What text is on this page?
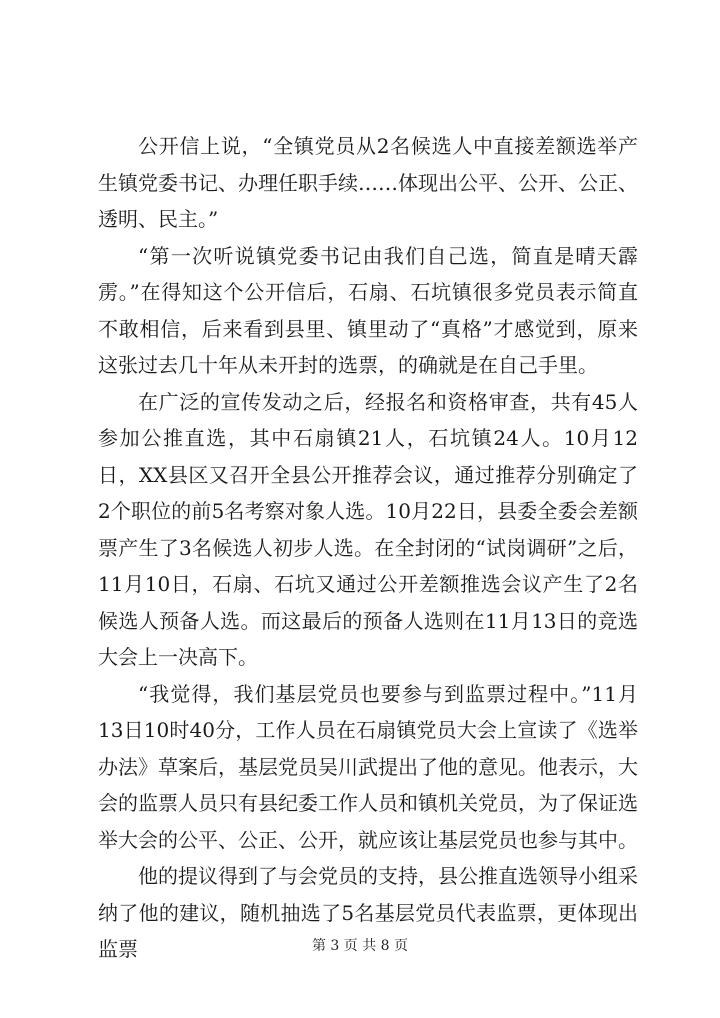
公开信上说，“全镇党员从2名候选人中直接差额选举产生镇党委书记、办理任职手续……体现出公平、公开、公正、透明、民主。”

“第一次听说镇党委书记由我们自己选，简直是晴天霹雳。”在得知这个公开信后，石扇、石坑镇很多党员表示简直不敢相信，后来看到县里、镇里动了“真格”才感觉到，原来这张过去几十年从未开封的选票，的确就是在自己手里。

在广泛的宣传发动之后，经报名和资格审查，共有45人参加公推直选，其中石扇镇21人，石坑镇24人。10月12日，XX县区又召开全县公开推荐会议，通过推荐分别确定了2个职位的前5名考察对象人选。10月22日，县委全委会差额票产生了3名候选人初步人选。在全封闭的“试岗调研”之后，11月10日，石扇、石坑又通过公开差额推选会议产生了2名候选人预备人选。而这最后的预备人选则在11月13日的竞选大会上一决高下。

“我觉得，我们基层党员也要参与到监票过程中。”11月13日10时40分，工作人员在石扇镇党员大会上宣读了《选举办法》草案后，基层党员吴川武提出了他的意见。他表示，大会的监票人员只有县纪委工作人员和镇机关党员，为了保证选举大会的公平、公正、公开，就应该让基层党员也参与其中。

他的提议得到了与会党员的支持，县公推直选领导小组采纳了他的建议，随机抽选了5名基层党员代表监票，更体现出监票	第 3 页 共 8 页
